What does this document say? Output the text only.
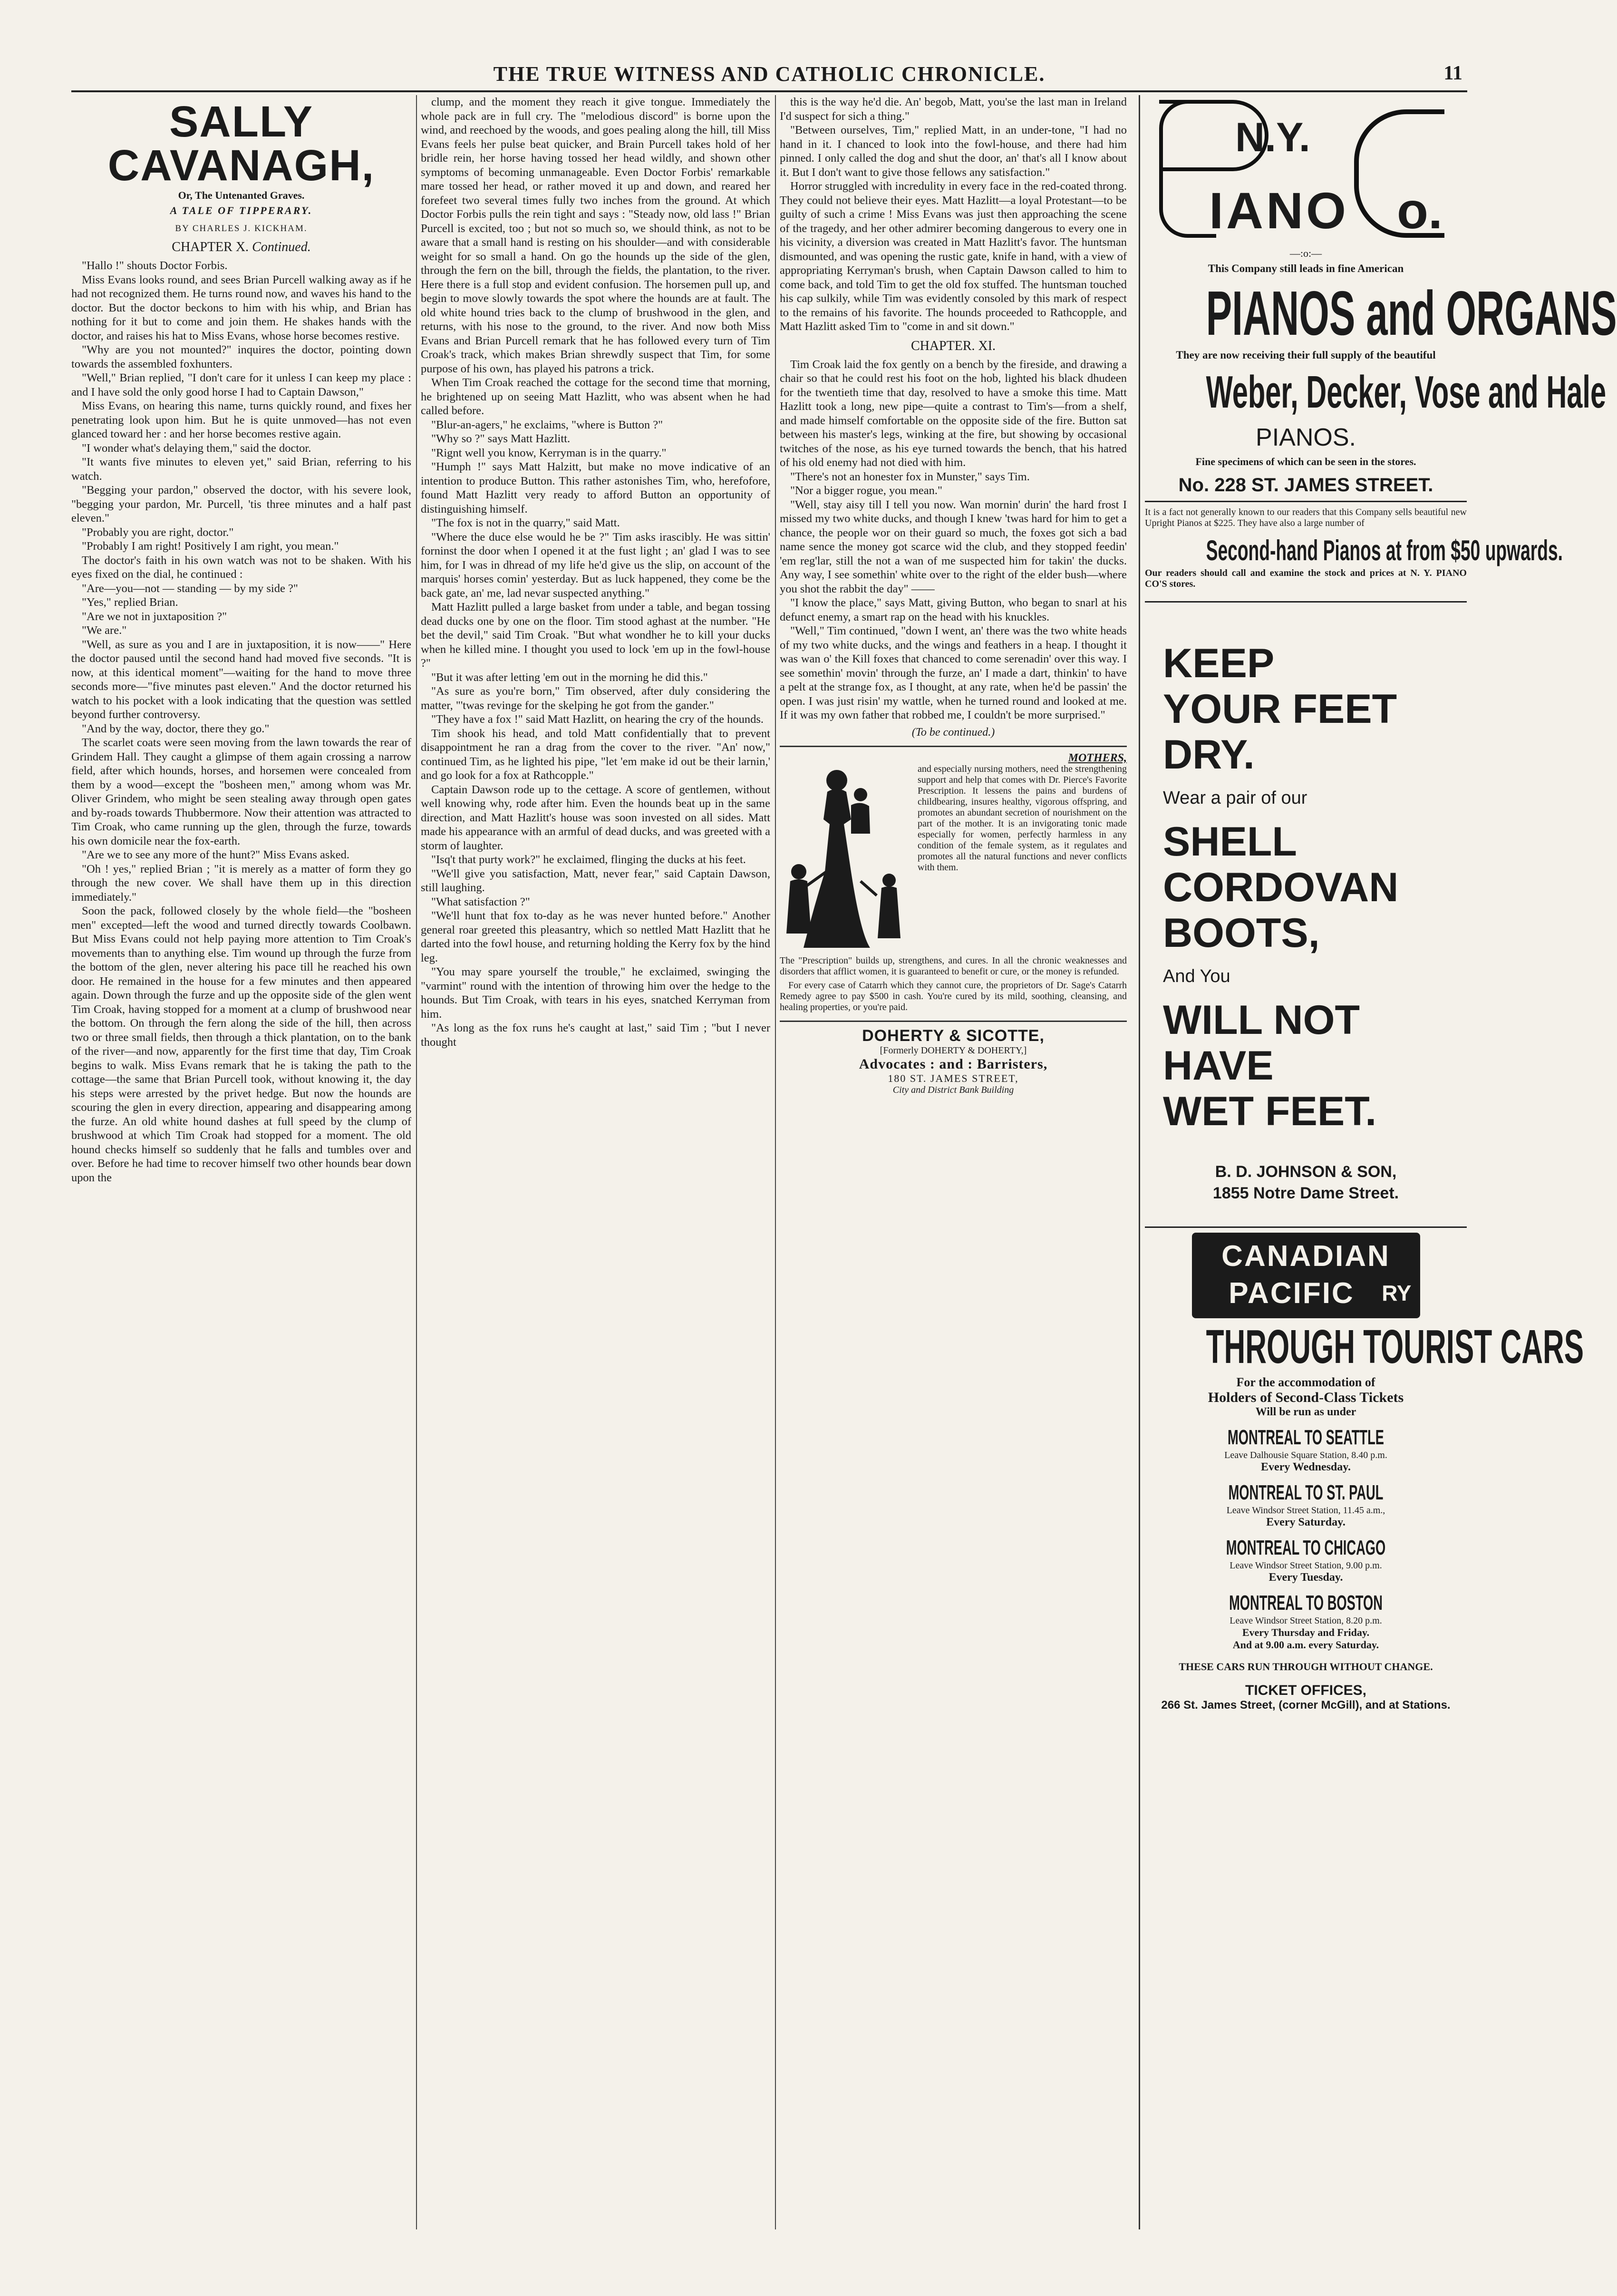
THE TRUE WITNESS AND CATHOLIC CHRONICLE.	11
SALLY CAVANAGH,
Or, The Untenanted Graves.
A TALE OF TIPPERARY.
BY CHARLES J. KICKHAM.
CHAPTER X. Continued.

"Hallo !" shouts Doctor Forbis.

Miss Evans looks round, and sees Brian Purcell walking away as if he had not recognized them. He turns round now, and waves his hand to the doctor. But the doctor beckons to him with his whip, and Brian has nothing for it but to come and join them. He shakes hands with the doctor, and raises his hat to Miss Evans, whose horse becomes restive.

"Why are you not mounted?" inquires the doctor, pointing down towards the assembled foxhunters.

"Well," Brian replied, "I don't care for it unless I can keep my place : and I have sold the only good horse I had to Captain Dawson,"

Miss Evans, on hearing this name, turns quickly round, and fixes her penetrating look upon him. But he is quite unmoved—has not even glanced toward her : and her horse becomes restive again.

"I wonder what's delaying them," said the doctor.

"It wants five minutes to eleven yet," said Brian, referring to his watch.

"Begging your pardon," observed the doctor, with his severe look, "begging your pardon, Mr. Purcell, 'tis three minutes and a half past eleven."

"Probably you are right, doctor."

"Probably I am right! Positively I am right, you mean."

The doctor's faith in his own watch was not to be shaken. With his eyes fixed on the dial, he continued :

"Are—you—not — standing — by my side ?"

"Yes," replied Brian.

"Are we not in juxtaposition ?"

"We are."

"Well, as sure as you and I are in juxtaposition, it is now——" Here the doctor paused until the second hand had moved five seconds. "It is now, at this identical moment"—waiting for the hand to move three seconds more—"five minutes past eleven." And the doctor returned his watch to his pocket with a look indicating that the question was settled beyond further controversy.

"And by the way, doctor, there they go."

The scarlet coats were seen moving from the lawn towards the rear of Grindem Hall. They caught a glimpse of them again crossing a narrow field, after which hounds, horses, and horsemen were concealed from them by a wood—except the "bosheen men," among whom was Mr. Oliver Grindem, who might be seen stealing away through open gates and by-roads towards Thubbermore. Now their attention was attracted to Tim Croak, who came running up the glen, through the furze, towards his own domicile near the fox-earth.

"Are we to see any more of the hunt?" Miss Evans asked.

"Oh ! yes," replied Brian ; "it is merely as a matter of form they go through the new cover. We shall have them up in this direction immediately."

Soon the pack, followed closely by the whole field—the "bosheen men" excepted—left the wood and turned directly towards Coolbawn. But Miss Evans could not help paying more attention to Tim Croak's movements than to anything else. Tim wound up through the furze from the bottom of the glen, never altering his pace till he reached his own door. He remained in the house for a few minutes and then appeared again. Down through the furze and up the opposite side of the glen went Tim Croak, having stopped for a moment at a clump of brushwood near the bottom. On through the fern along the side of the hill, then across two or three small fields, then through a thick plantation, on to the bank of the river—and now, apparently for the first time that day, Tim Croak begins to walk. Miss Evans remark that he is taking the path to the cottage—the same that Brian Purcell took, without knowing it, the day his steps were arrested by the privet hedge. But now the hounds are scouring the glen in every direction, appearing and disappearing among the furze. An old white hound dashes at full speed by the clump of brushwood at which Tim Croak had stopped for a moment. The old hound checks himself so suddenly that he falls and tumbles over and over. Before he had time to recover himself two other hounds bear down upon the

clump, and the moment they reach it give tongue. Immediately the whole pack are in full cry. The "melodious discord" is borne upon the wind, and reechoed by the woods, and goes pealing along the hill, till Miss Evans feels her pulse beat quicker, and Brain Purcell takes hold of her bridle rein, her horse having tossed her head wildly, and shown other symptoms of becoming unmanageable. Even Doctor Forbis' remarkable mare tossed her head, or rather moved it up and down, and reared her forefeet two several times fully two inches from the ground. At which Doctor Forbis pulls the rein tight and says : "Steady now, old lass !" Brian Purcell is excited, too ; but not so much so, we should think, as not to be aware that a small hand is resting on his shoulder—and with considerable weight for so small a hand. On go the hounds up the side of the glen, through the fern on the bill, through the fields, the plantation, to the river. Here there is a full stop and evident confusion. The horsemen pull up, and begin to move slowly towards the spot where the hounds are at fault. The old white hound tries back to the clump of brushwood in the glen, and returns, with his nose to the ground, to the river. And now both Miss Evans and Brian Purcell remark that he has followed every turn of Tim Croak's track, which makes Brian shrewdly suspect that Tim, for some purpose of his own, has played his patrons a trick.

When Tim Croak reached the cottage for the second time that morning, he brightened up on seeing Matt Hazlitt, who was absent when he had called before.

"Blur-an-agers," he exclaims, "where is Button ?"

"Why so ?" says Matt Hazlitt.

"Rignt well you know, Kerryman is in the quarry."

"Humph !" says Matt Halzitt, but make no move indicative of an intention to produce Button. This rather astonishes Tim, who, herefofore, found Matt Hazlitt very ready to afford Button an opportunity of distinguishing himself.

"The fox is not in the quarry," said Matt.

"Where the duce else would he be ?" Tim asks irascibly. He was sittin' forninst the door when I opened it at the fust light ; an' glad I was to see him, for I was in dhread of my life he'd give us the slip, on account of the marquis' horses comin' yesterday. But as luck happened, they come be the back gate, an' me, lad nevar suspected anything."

Matt Hazlitt pulled a large basket from under a table, and began tossing dead ducks one by one on the floor. Tim stood aghast at the number. "He bet the devil," said Tim Croak. "But what wondher he to kill your ducks when he killed mine. I thought you used to lock 'em up in the fowl-house ?"

"But it was after letting 'em out in the morning he did this."

"As sure as you're born," Tim observed, after duly considering the matter, "'twas revinge for the skelping he got from the gander."

"They have a fox !" said Matt Hazlitt, on hearing the cry of the hounds.

Tim shook his head, and told Matt confidentially that to prevent disappointment he ran a drag from the cover to the river. "An' now," continued Tim, as he lighted his pipe, "let 'em make id out be their larnin,' and go look for a fox at Rathcopple."

Captain Dawson rode up to the cettage. A score of gentlemen, without well knowing why, rode after him. Even the hounds beat up in the same direction, and Matt Hazlitt's house was soon invested on all sides. Matt made his appearance with an armful of dead ducks, and was greeted with a storm of laughter.

"Isq't that purty work?" he exclaimed, flinging the ducks at his feet.

"We'll give you satisfaction, Matt, never fear," said Captain Dawson, still laughing.

"What satisfaction ?"

"We'll hunt that fox to-day as he was never hunted before." Another general roar greeted this pleasantry, which so nettled Matt Hazlitt that he darted into the fowl house, and returning holding the Kerry fox by the hind leg.

"You may spare yourself the trouble," he exclaimed, swinging the "varmint" round with the intention of throwing him over the hedge to the hounds. But Tim Croak, with tears in his eyes, snatched Kerryman from him.

"As long as the fox runs he's caught at last," said Tim ; "but I never thought

this is the way he'd die. An' begob, Matt, you'se the last man in Ireland I'd suspect for sich a thing."

"Between ourselves, Tim," replied Matt, in an under-tone, "I had no hand in it. I chanced to look into the fowl-house, and there had him pinned. I only called the dog and shut the door, an' that's all I know about it. But I don't want to give those fellows any satisfaction."

Horror struggled with incredulity in every face in the red-coated throng. They could not believe their eyes. Matt Hazlitt—a loyal Protestant—to be guilty of such a crime ! Miss Evans was just then approaching the scene of the tragedy, and her other admirer becoming dangerous to every one in his vicinity, a diversion was created in Matt Hazlitt's favor. The huntsman dismounted, and was opening the rustic gate, knife in hand, with a view of appropriating Kerryman's brush, when Captain Dawson called to him to come back, and told Tim to get the old fox stuffed. The huntsman touched his cap sulkily, while Tim was evidently consoled by this mark of respect to the remains of his favorite. The hounds proceeded to Rathcopple, and Matt Hazlitt asked Tim to "come in and sit down."

CHAPTER. XI.

Tim Croak laid the fox gently on a bench by the fireside, and drawing a chair so that he could rest his foot on the hob, lighted his black dhudeen for the twentieth time that day, resolved to have a smoke this time. Matt Hazlitt took a long, new pipe—quite a contrast to Tim's—from a shelf, and made himself comfortable on the opposite side of the fire. Button sat between his master's legs, winking at the fire, but showing by occasional twitches of the nose, as his eye turned towards the bench, that his hatred of his old enemy had not died with him.

"There's not an honester fox in Munster," says Tim.

"Nor a bigger rogue, you mean."

"Well, stay aisy till I tell you now. Wan mornin' durin' the hard frost I missed my two white ducks, and though I knew 'twas hard for him to get a chance, the people wor on their guard so much, the foxes got sich a bad name sence the money got scarce wid the club, and they stopped feedin' 'em reg'lar, still the not a wan of me suspected him for takin' the ducks. Any way, I see somethin' white over to the right of the elder bush—where you shot the rabbit the day" ——

"I know the place," says Matt, giving Button, who began to snarl at his defunct enemy, a smart rap on the head with his knuckles.

"Well," Tim continued, "down I went, an' there was the two white heads of my two white ducks, and the wings and feathers in a heap. I thought it was wan o' the Kill foxes that chanced to come serenadin' over this way. I see somethin' movin' through the furze, an' I made a dart, thinkin' to have a pelt at the strange fox, as I thought, at any rate, when he'd be passin' the open. I was just risin' my wattle, when he turned round and looked at me. If it was my own father that robbed me, I couldn't be more surprised."

(To be continued.)
MOTHERS,
and especially nursing mothers, need the strengthening support and help that comes with Dr. Pierce's Favorite Prescription. It lessens the pains and burdens of childbearing, insures healthy, vigorous offspring, and promotes an abundant secretion of nourishment on the part of the mother. It is an invigorating tonic made especially for women, perfectly harmless in any condition of the female system, as it regulates and promotes all the natural functions and never conflicts with them.
The "Prescription" builds up, strengthens, and cures. In all the chronic weaknesses and disorders that afflict women, it is guaranteed to benefit or cure, or the money is refunded.
For every case of Catarrh which they cannot cure, the proprietors of Dr. Sage's Catarrh Remedy agree to pay $500 in cash. You're cured by its mild, soothing, cleansing, and healing properties, or you're paid.
DOHERTY & SICOTTE,
[Formerly DOHERTY & DOHERTY,]
Advocates : and : Barristers,
180 ST. JAMES STREET,
City and District Bank Building
N.Y.
IANO o.
—:o:—
This Company still leads in fine American
PIANOS and ORGANS
They are now receiving their full supply of the beautiful
Weber, Decker, Vose and Hale
PIANOS.
Fine specimens of which can be seen in the stores.
No. 228 ST. JAMES STREET.
It is a fact not generally known to our readers that this Company sells beautiful new Upright Pianos at $225. They have also a large number of
Second-hand Pianos at from $50 upwards.
Our readers should call and examine the stock and prices at N. Y. PIANO CO'S stores.
KEEP
YOUR FEET
DRY.
Wear a pair of our
SHELL
CORDOVAN
BOOTS,
And You
WILL NOT
HAVE
WET FEET.
B. D. JOHNSON & SON,
1855 Notre Dame Street.
CANADIAN
PACIFIC	RY
THROUGH TOURIST CARS
For the accommodation of
Holders of Second-Class Tickets
Will be run as under
MONTREAL TO SEATTLE
Leave Dalhousie Square Station, 8.40 p.m.
Every Wednesday.
MONTREAL TO ST. PAUL
Leave Windsor Street Station, 11.45 a.m.,
Every Saturday.
MONTREAL TO CHICAGO
Leave Windsor Street Station, 9.00 p.m.
Every Tuesday.
MONTREAL TO BOSTON
Leave Windsor Street Station, 8.20 p.m.
Every Thursday and Friday.
And at 9.00 a.m. every Saturday.
THESE CARS RUN THROUGH WITHOUT CHANGE.
TICKET OFFICES,
266 St. James Street, (corner McGill), and at Stations.
